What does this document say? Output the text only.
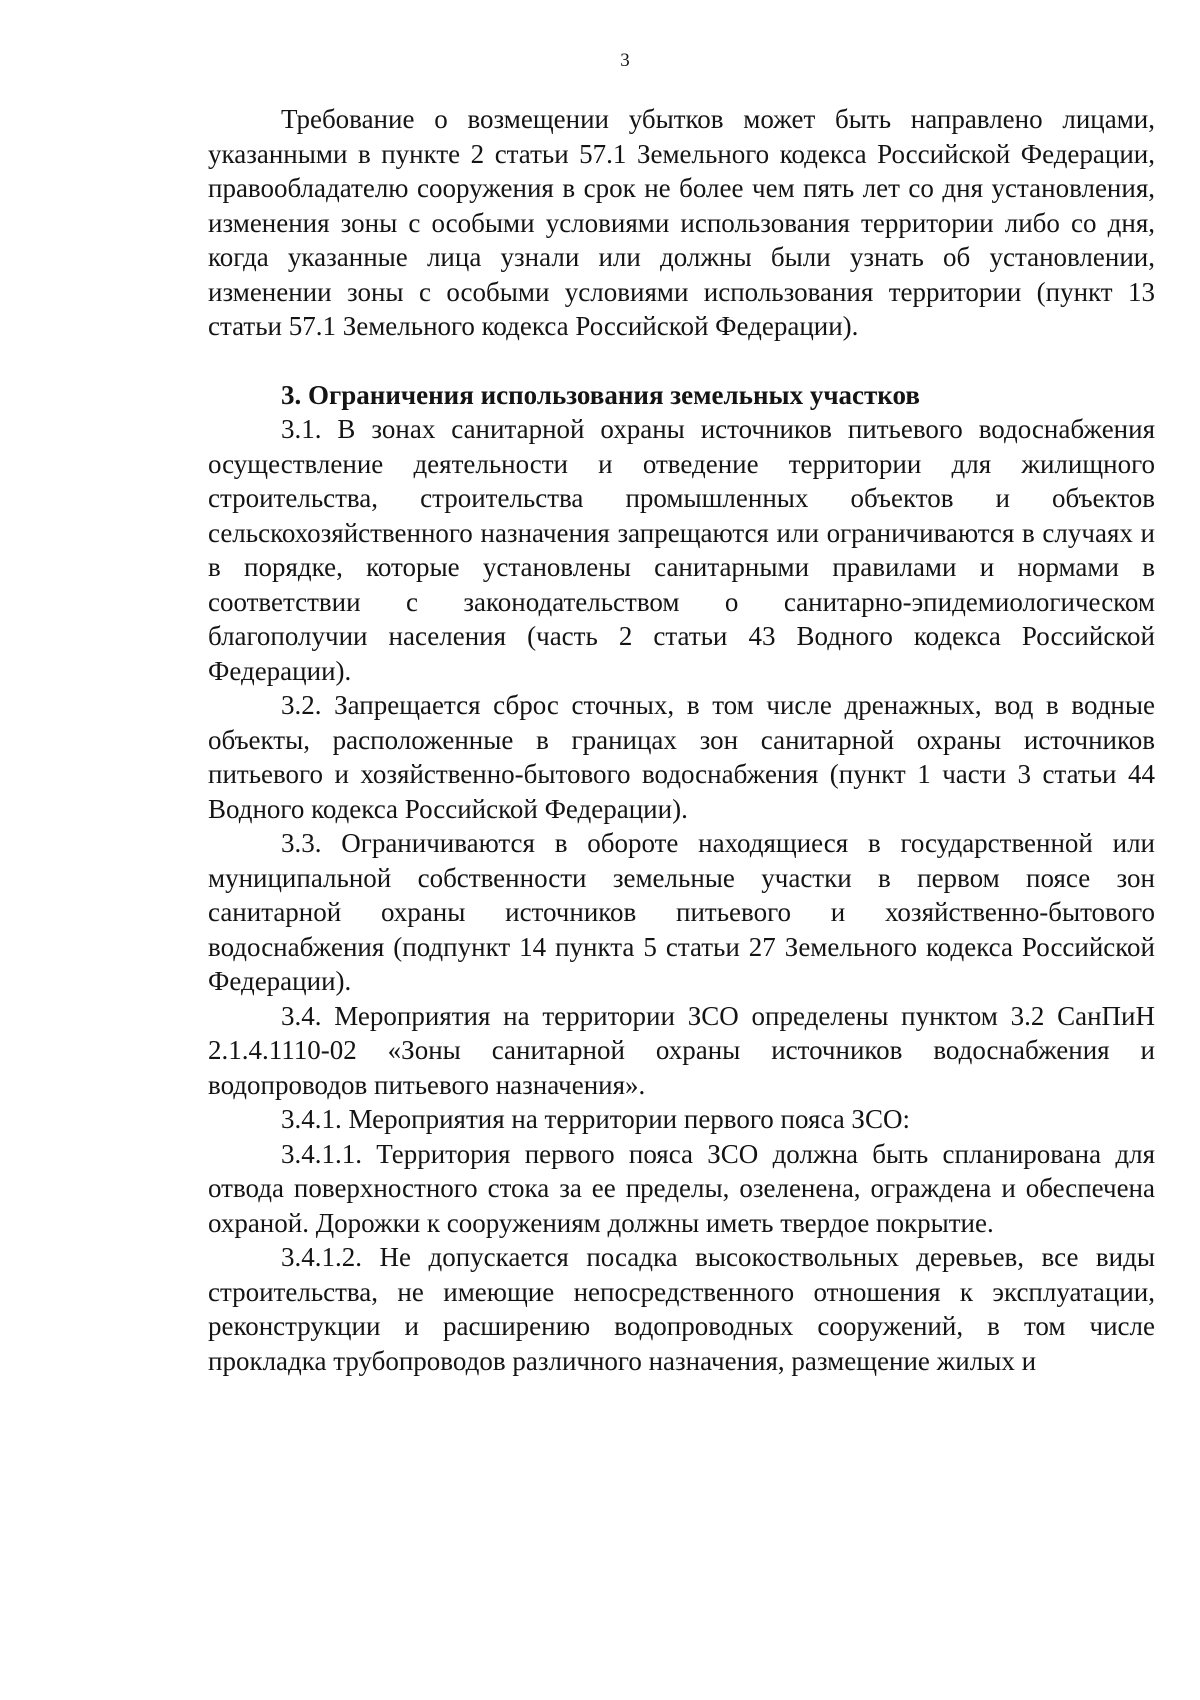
3

Требование о возмещении убытков может быть направлено лицами, указанными в пункте 2 статьи 57.1 Земельного кодекса Российской Федерации, правообладателю сооружения в срок не более чем пять лет со дня установления, изменения зоны с особыми условиями использования территории либо со дня, когда указанные лица узнали или должны были узнать об установлении, изменении зоны с особыми условиями использования территории (пункт 13 статьи 57.1 Земельного кодекса Российской Федерации).

3. Ограничения использования земельных участков

3.1. В зонах санитарной охраны источников питьевого водоснабжения осуществление деятельности и отведение территории для жилищного строительства, строительства промышленных объектов и объектов сельскохозяйственного назначения запрещаются или ограничиваются в случаях и в порядке, которые установлены санитарными правилами и нормами в соответствии с законодательством о санитарно-эпидемиологическом благополучии населения (часть 2 статьи 43 Водного кодекса Российской Федерации).

3.2. Запрещается сброс сточных, в том числе дренажных, вод в водные объекты, расположенные в границах зон санитарной охраны источников питьевого и хозяйственно-бытового водоснабжения (пункт 1 части 3 статьи 44 Водного кодекса Российской Федерации).

3.3. Ограничиваются в обороте находящиеся в государственной или муниципальной собственности земельные участки в первом поясе зон санитарной охраны источников питьевого и хозяйственно-бытового водоснабжения (подпункт 14 пункта 5 статьи 27 Земельного кодекса Российской Федерации).

3.4. Мероприятия на территории ЗСО определены пунктом 3.2 СанПиН 2.1.4.1110-02 «Зоны санитарной охраны источников водоснабжения и водопроводов питьевого назначения».

3.4.1. Мероприятия на территории первого пояса ЗСО:

3.4.1.1. Территория первого пояса ЗСО должна быть спланирована для отвода поверхностного стока за ее пределы, озеленена, ограждена и обеспечена охраной. Дорожки к сооружениям должны иметь твердое покрытие.

3.4.1.2. Не допускается посадка высокоствольных деревьев, все виды строительства, не имеющие непосредственного отношения к эксплуатации, реконструкции и расширению водопроводных сооружений, в том числе прокладка трубопроводов различного назначения, размещение жилых и
